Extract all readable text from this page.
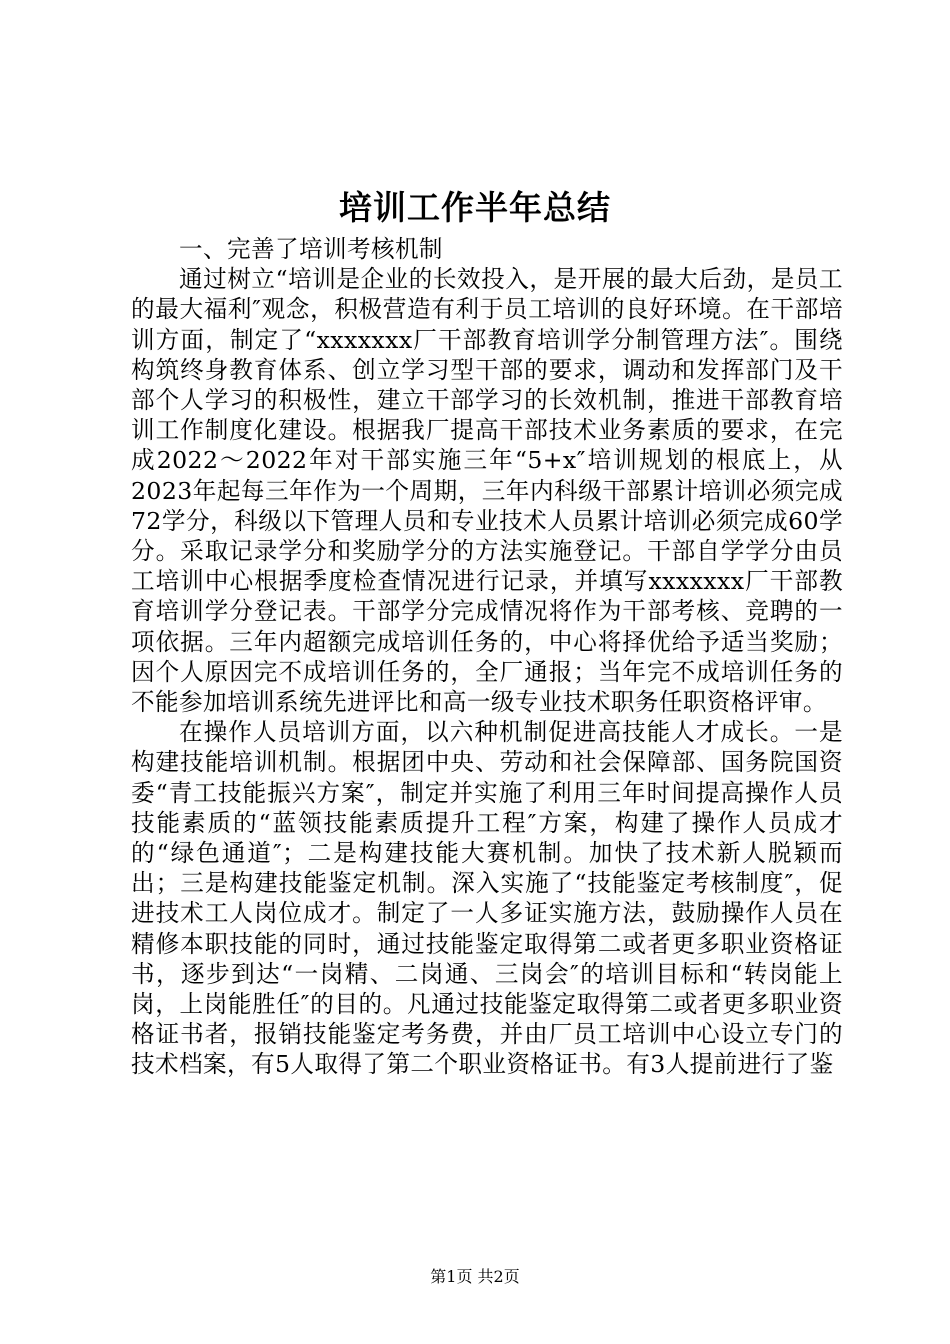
培训工作半年总结

一、完善了培训考核机制

通过树立“培训是企业的长效投入，是开展的最大后劲，是员工的最大福利″观念，积极营造有利于员工培训的良好环境。在干部培训方面，制定了“xxxxxxx厂干部教育培训学分制管理方法″。围绕构筑终身教育体系、创立学习型干部的要求，调动和发挥部门及干部个人学习的积极性，建立干部学习的长效机制，推进干部教育培训工作制度化建设。根据我厂提高干部技术业务素质的要求，在完成2022～2022年对干部实施三年“5+x″培训规划的根底上，从2023年起每三年作为一个周期，三年内科级干部累计培训必须完成72学分，科级以下管理人员和专业技术人员累计培训必须完成60学分。采取记录学分和奖励学分的方法实施登记。干部自学学分由员工培训中心根据季度检查情况进行记录，并填写xxxxxxx厂干部教育培训学分登记表。干部学分完成情况将作为干部考核、竞聘的一项依据。三年内超额完成培训任务的，中心将择优给予适当奖励；因个人原因完不成培训任务的，全厂通报；当年完不成培训任务的不能参加培训系统先进评比和高一级专业技术职务任职资格评审。

在操作人员培训方面，以六种机制促进高技能人才成长。一是构建技能培训机制。根据团中央、劳动和社会保障部、国务院国资委“青工技能振兴方案″，制定并实施了利用三年时间提高操作人员技能素质的“蓝领技能素质提升工程″方案，构建了操作人员成才的“绿色通道″；二是构建技能大赛机制。加快了技术新人脱颖而出；三是构建技能鉴定机制。深入实施了“技能鉴定考核制度″，促进技术工人岗位成才。制定了一人多证实施方法，鼓励操作人员在精修本职技能的同时，通过技能鉴定取得第二或者更多职业资格证书，逐步到达“一岗精、二岗通、三岗会″的培训目标和“转岗能上岗，上岗能胜任″的目的。凡通过技能鉴定取得第二或者更多职业资格证书者，报销技能鉴定考务费，并由厂员工培训中心设立专门的技术档案，有5人取得了第二个职业资格证书。有3人提前进行了鉴

第1页 共2页
